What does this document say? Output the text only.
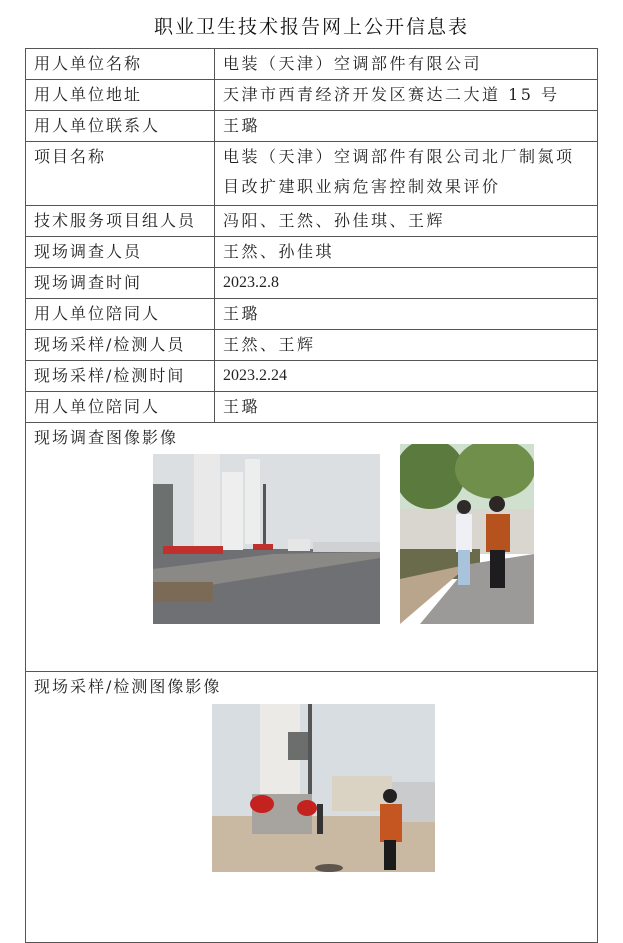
职业卫生技术报告网上公开信息表
用人单位名称	电装（天津）空调部件有限公司
用人单位地址	天津市西青经济开发区赛达二大道 15 号
用人单位联系人	王璐
项目名称	电装（天津）空调部件有限公司北厂制氮项目改扩建职业病危害控制效果评价
技术服务项目组人员	冯阳、王然、孙佳琪、王辉
现场调查人员	王然、孙佳琪
现场调查时间	2023.2.8
用人单位陪同人	王璐
现场采样/检测人员	王然、王辉
现场采样/检测时间	2023.2.24
用人单位陪同人	王璐

现场调查图像影像	

现场采样/检测图像影像	
